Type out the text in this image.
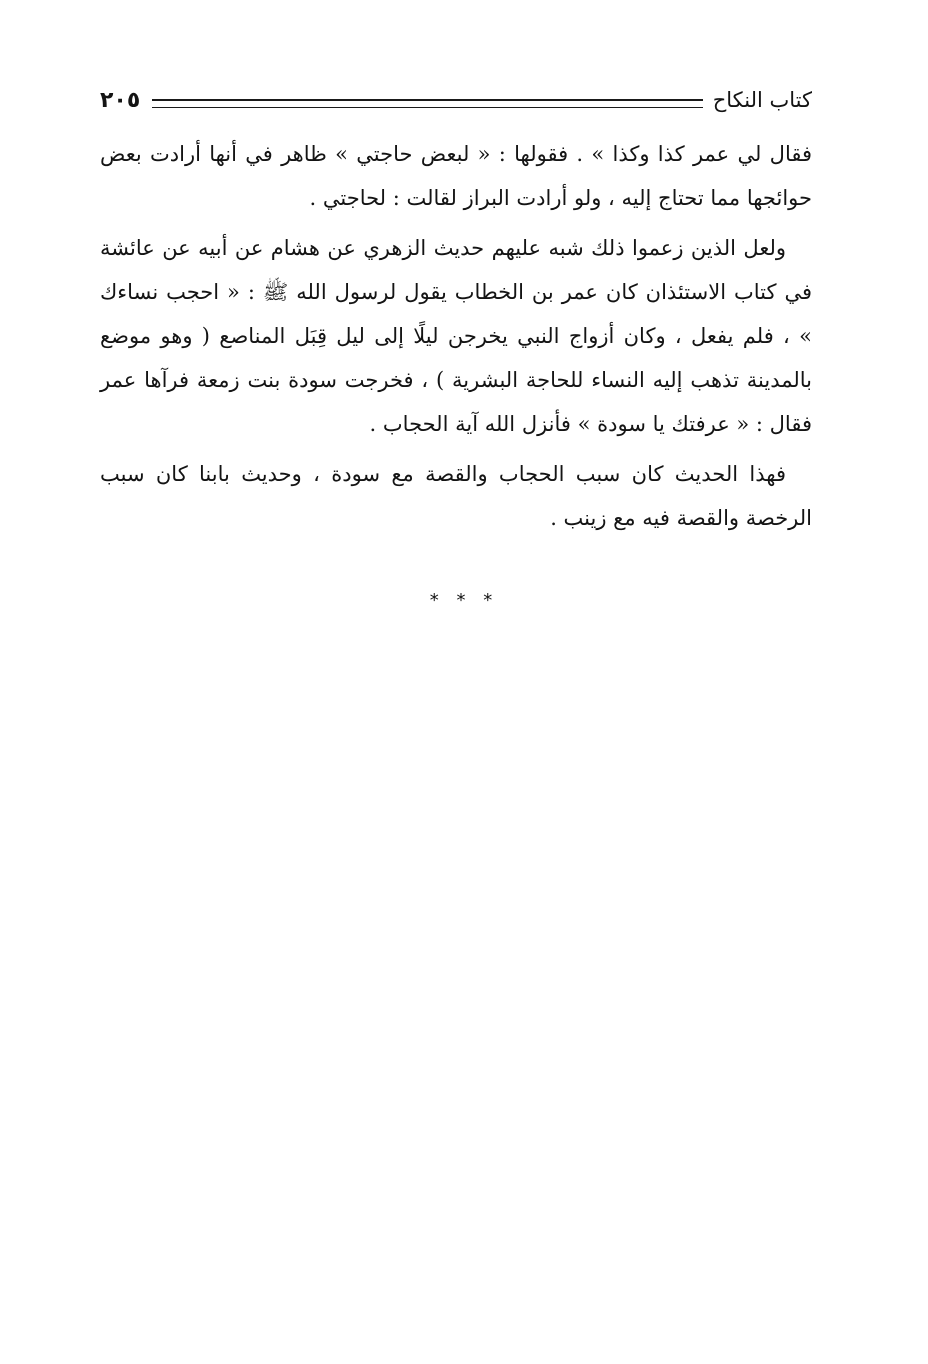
كتاب النكاح
٢٠٥

فقال لي عمر كذا وكذا » . فقولها : « لبعض حاجتي » ظاهر في أنها أرادت بعض حوائجها مما تحتاج إليه ، ولو أرادت البراز لقالت : لحاجتي .

ولعل الذين زعموا ذلك شبه عليهم حديث الزهري عن هشام عن أبيه عن عائشة في كتاب الاستئذان كان عمر بن الخطاب يقول لرسول الله ﷺ : « احجب نساءك » ، فلم يفعل ، وكان أزواج النبي يخرجن ليلًا إلى ليل قِبَل المناصع ( وهو موضع بالمدينة تذهب إليه النساء للحاجة البشرية ) ، فخرجت سودة بنت زمعة فرآها عمر فقال : « عرفتك يا سودة » فأنزل الله آية الحجاب .

فهذا الحديث كان سبب الحجاب والقصة مع سودة ، وحديث بابنا كان سبب الرخصة والقصة فيه مع زينب .

* * *
